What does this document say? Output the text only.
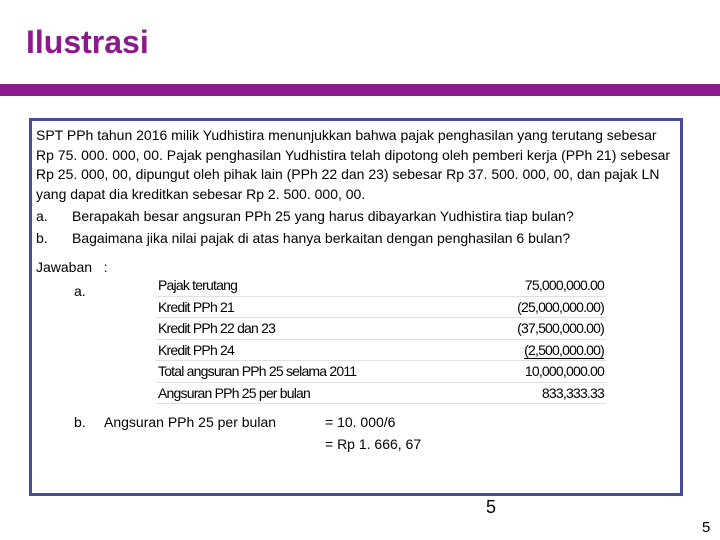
Ilustrasi

SPT PPh tahun 2016 milik Yudhistira menunjukkan bahwa pajak penghasilan yang terutang sebesar Rp 75. 000. 000, 00. Pajak penghasilan Yudhistira telah dipotong oleh pemberi kerja (PPh 21) sebesar Rp 25. 000, 00, dipungut oleh pihak lain (PPh 22 dan 23) sebesar Rp 37. 500. 000, 00, dan pajak LN yang dapat dia kreditkan sebesar Rp 2. 500. 000, 00.

a.	Berapakah besar angsuran PPh 25 yang harus dibayarkan Yudhistira tiap bulan?
b.	Bagaimana jika nilai pajak di atas hanya berkaitan dengan penghasilan 6 bulan?
Jawaban   :
a.	Pajak terutang	75,000,000.00
Kredit PPh 21	(25,000,000.00)
Kredit PPh 22 dan 23	(37,500,000.00)
Kredit PPh 24	(2,500,000.00)
Total angsuran PPh 25 selama 2011	10,000,000.00
Angsuran PPh 25 per bulan	833,333.33
b. Angsuran PPh 25 per bulan	= 10. 000/6
= Rp 1. 666, 67
5
5
